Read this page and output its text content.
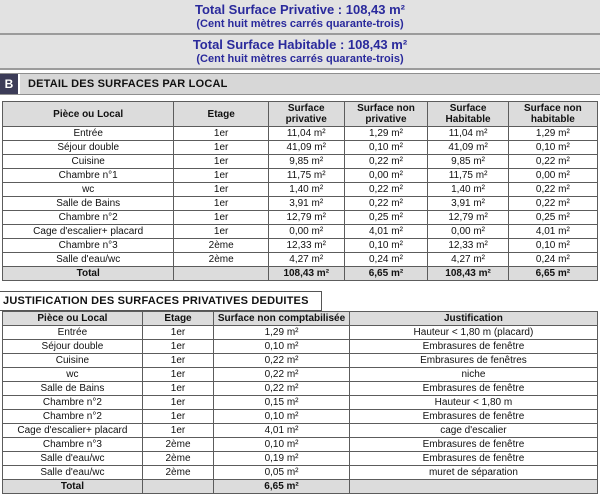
Total Surface Privative : 108,43 m²
(Cent huit mètres carrés quarante-trois)
Total Surface Habitable : 108,43 m²
(Cent huit mètres carrés quarante-trois)
B	DETAIL DES SURFACES PAR LOCAL
Pièce ou Local	Etage	Surface privative	Surface non privative	Surface Habitable	Surface non habitable
Entrée	1er	11,04 m²	1,29 m²	11,04 m²	1,29 m²
Séjour double	1er	41,09 m²	0,10 m²	41,09 m²	0,10 m²
Cuisine	1er	9,85 m²	0,22 m²	9,85 m²	0,22 m²
Chambre n°1	1er	11,75 m²	0,00 m²	11,75 m²	0,00 m²
wc	1er	1,40 m²	0,22 m²	1,40 m²	0,22 m²
Salle de Bains	1er	3,91 m²	0,22 m²	3,91 m²	0,22 m²
Chambre n°2	1er	12,79 m²	0,25 m²	12,79 m²	0,25 m²
Cage d'escalier+ placard	1er	0,00 m²	4,01 m²	0,00 m²	4,01 m²
Chambre n°3	2ème	12,33 m²	0,10 m²	12,33 m²	0,10 m²
Salle d'eau/wc	2ème	4,27 m²	0,24 m²	4,27 m²	0,24 m²
Total		108,43 m²	6,65 m²	108,43 m²	6,65 m²
JUSTIFICATION DES SURFACES PRIVATIVES DEDUITES
Pièce ou Local	Etage	Surface non comptabilisée	Justification
Entrée	1er	1,29 m²	Hauteur < 1,80 m (placard)
Séjour double	1er	0,10 m²	Embrasures de fenêtre
Cuisine	1er	0,22 m²	Embrasures de fenêtres
wc	1er	0,22 m²	niche
Salle de Bains	1er	0,22 m²	Embrasures de fenêtre
Chambre n°2	1er	0,15 m²	Hauteur < 1,80 m
Chambre n°2	1er	0,10 m²	Embrasures de fenêtre
Cage d'escalier+ placard	1er	4,01 m²	cage d'escalier
Chambre n°3	2ème	0,10 m²	Embrasures de fenêtre
Salle d'eau/wc	2ème	0,19 m²	Embrasures de fenêtre
Salle d'eau/wc	2ème	0,05 m²	muret de séparation
Total		6,65 m²	
